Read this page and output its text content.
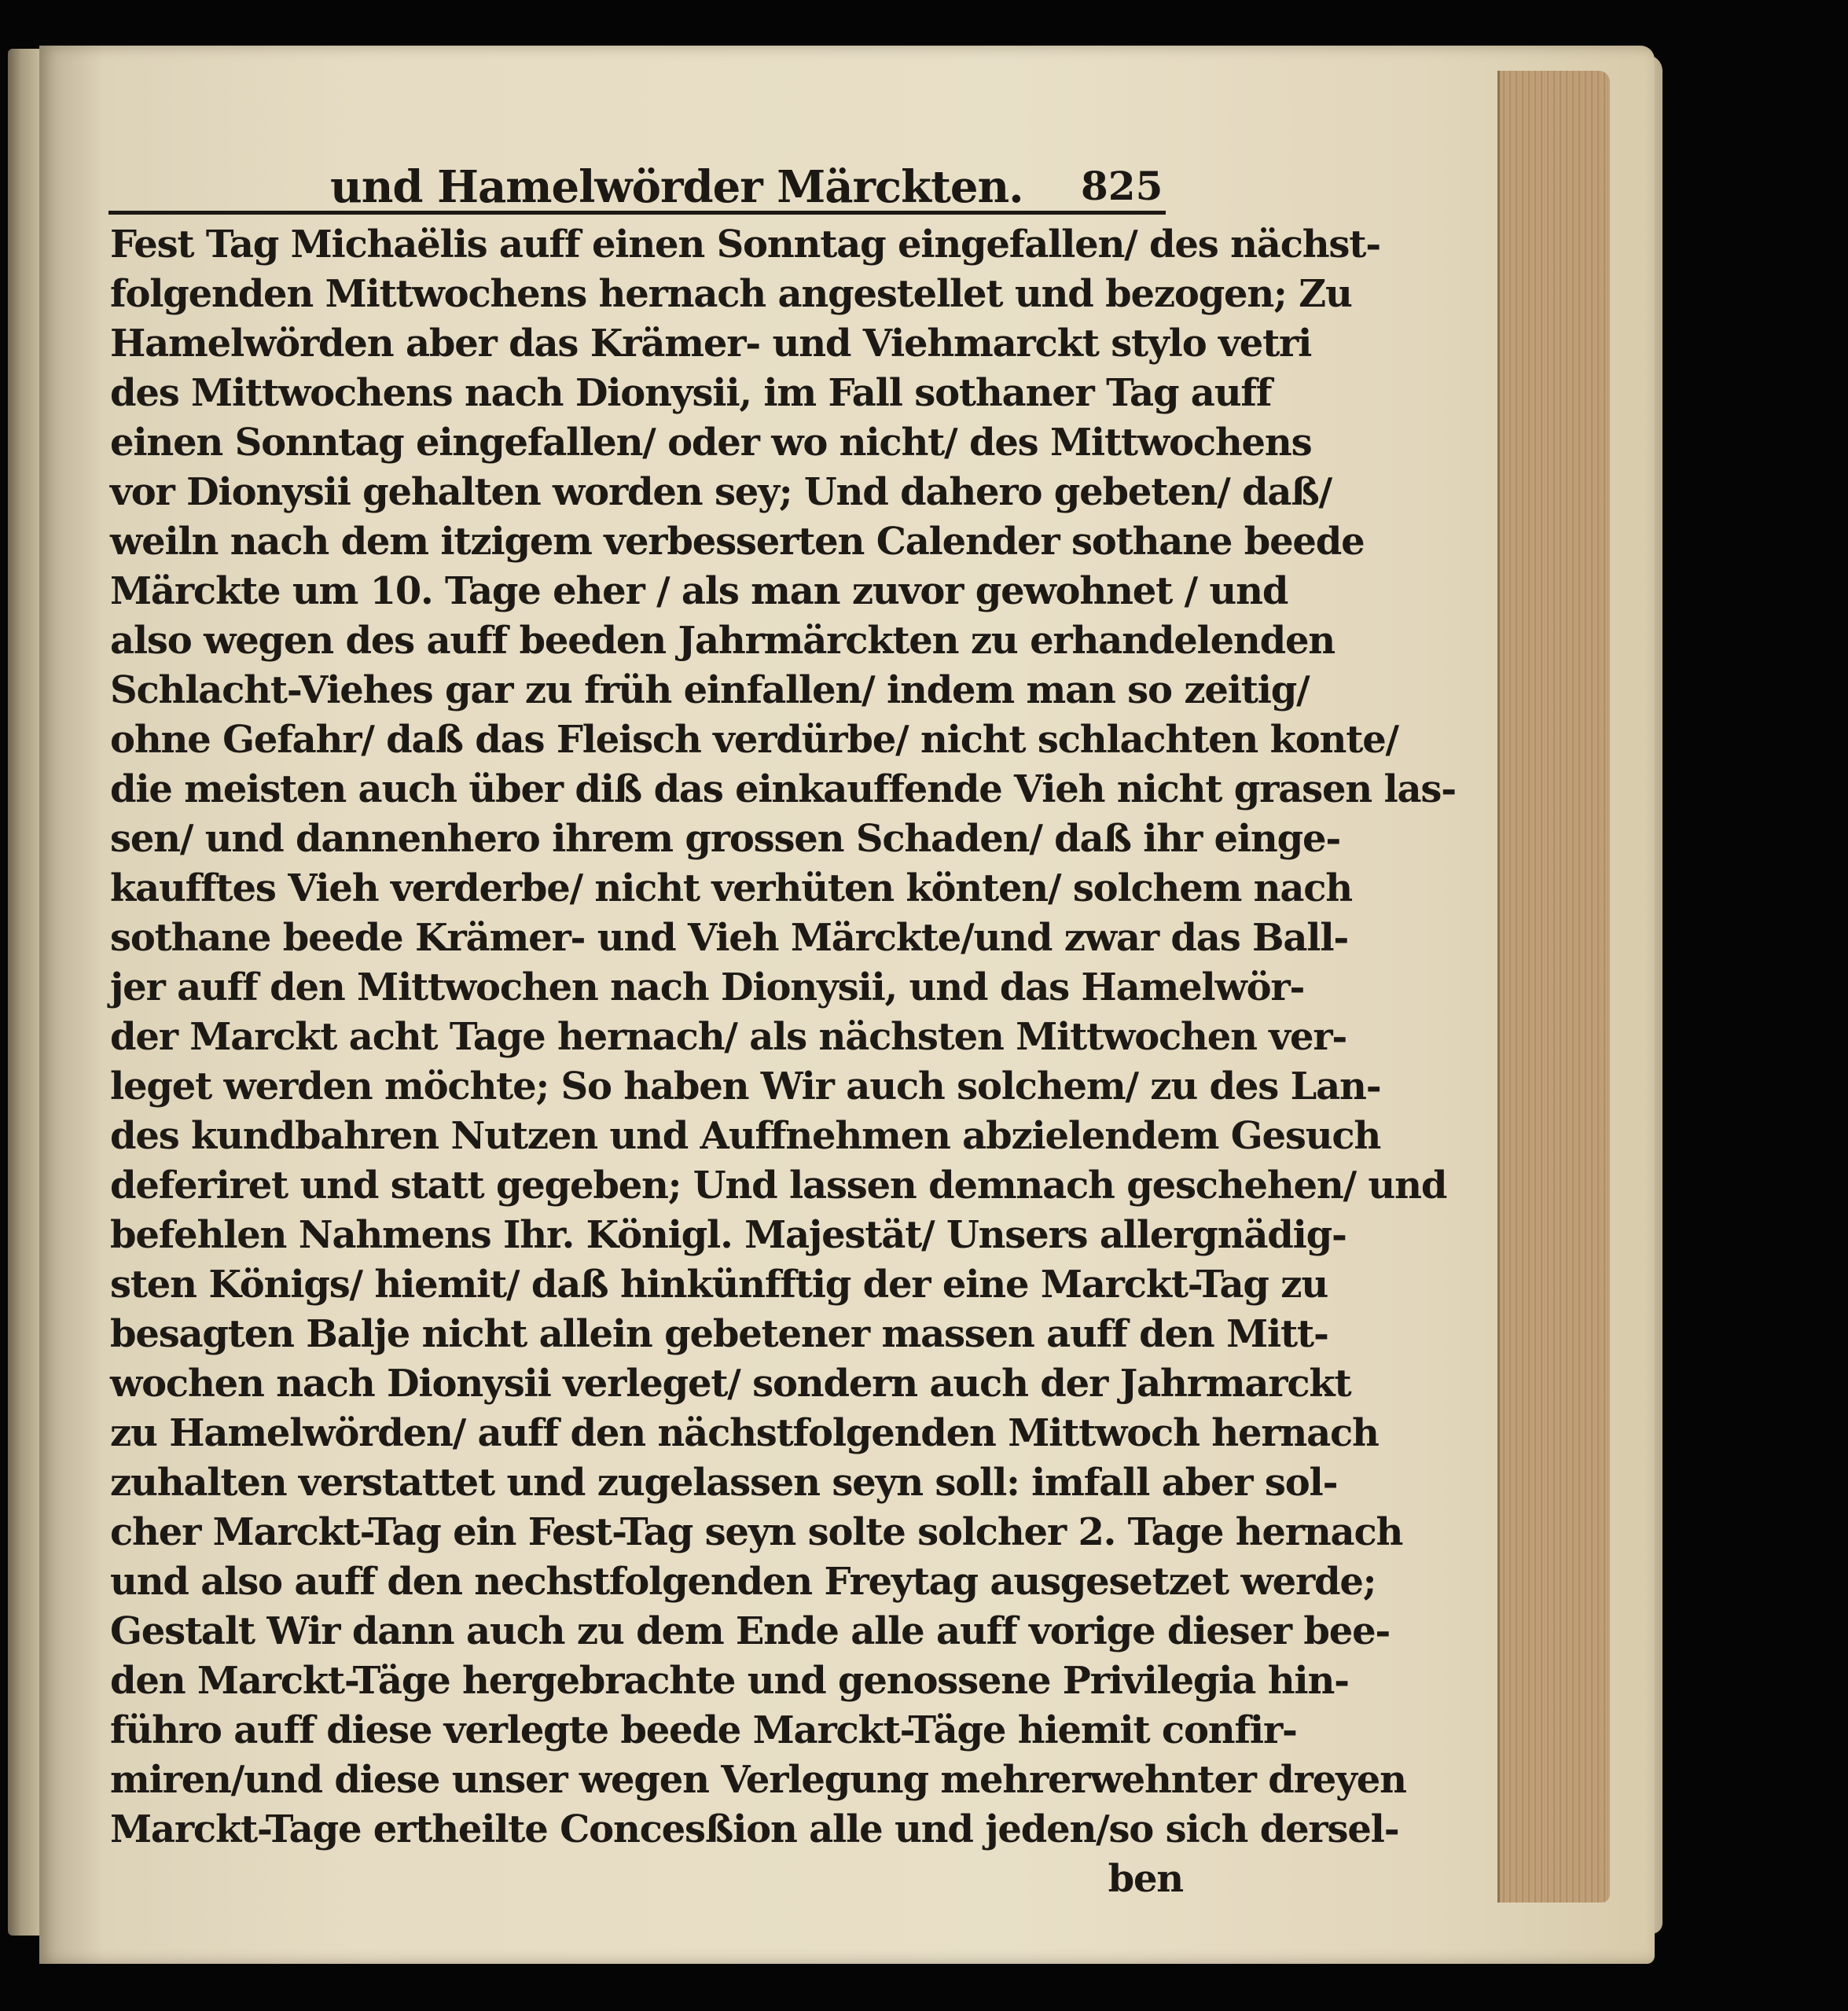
und Hamelwörder Märckten. 825
Fest Tag Michaëlis auff einen Sonntag eingefallen/ des nächst-
folgenden Mittwochens hernach angestellet und bezogen; Zu
Hamelwörden aber das Krämer- und Viehmarckt stylo vetri
des Mittwochens nach Dionysii, im Fall sothaner Tag auff
einen Sonntag eingefallen/ oder wo nicht/ des Mittwochens
vor Dionysii gehalten worden sey; Und dahero gebeten/ daß/
weiln nach dem itzigem verbesserten Calender sothane beede
Märckte um 10. Tage eher / als man zuvor gewohnet / und
also wegen des auff beeden Jahrmärckten zu erhandelenden
Schlacht-Viehes gar zu früh einfallen/ indem man so zeitig/
ohne Gefahr/ daß das Fleisch verdürbe/ nicht schlachten konte/
die meisten auch über diß das einkauffende Vieh nicht grasen las-
sen/ und dannenhero ihrem grossen Schaden/ daß ihr einge-
kaufftes Vieh verderbe/ nicht verhüten könten/ solchem nach
sothane beede Krämer- und Vieh Märckte/und zwar das Ball-
jer auff den Mittwochen nach Dionysii, und das Hamelwör-
der Marckt acht Tage hernach/ als nächsten Mittwochen ver-
leget werden möchte; So haben Wir auch solchem/ zu des Lan-
des kundbahren Nutzen und Auffnehmen abzielendem Gesuch
deferiret und statt gegeben; Und lassen demnach geschehen/ und
befehlen Nahmens Ihr. Königl. Majestät/ Unsers allergnädig-
sten Königs/ hiemit/ daß hinkünfftig der eine Marckt-Tag zu
besagten Balje nicht allein gebetener massen auff den Mitt-
wochen nach Dionysii verleget/ sondern auch der Jahrmarckt
zu Hamelwörden/ auff den nächstfolgenden Mittwoch hernach
zuhalten verstattet und zugelassen seyn soll: imfall aber sol-
cher Marckt-Tag ein Fest-Tag seyn solte solcher 2. Tage hernach
und also auff den nechstfolgenden Freytag ausgesetzet werde;
Gestalt Wir dann auch zu dem Ende alle auff vorige dieser bee-
den Marckt-Täge hergebrachte und genossene Privilegia hin-
führo auff diese verlegte beede Marckt-Täge hiemit confir-
miren/und diese unser wegen Verlegung mehrerwehnter dreyen
Marckt-Tage ertheilte Concesßion alle und jeden/so sich dersel-
ben
